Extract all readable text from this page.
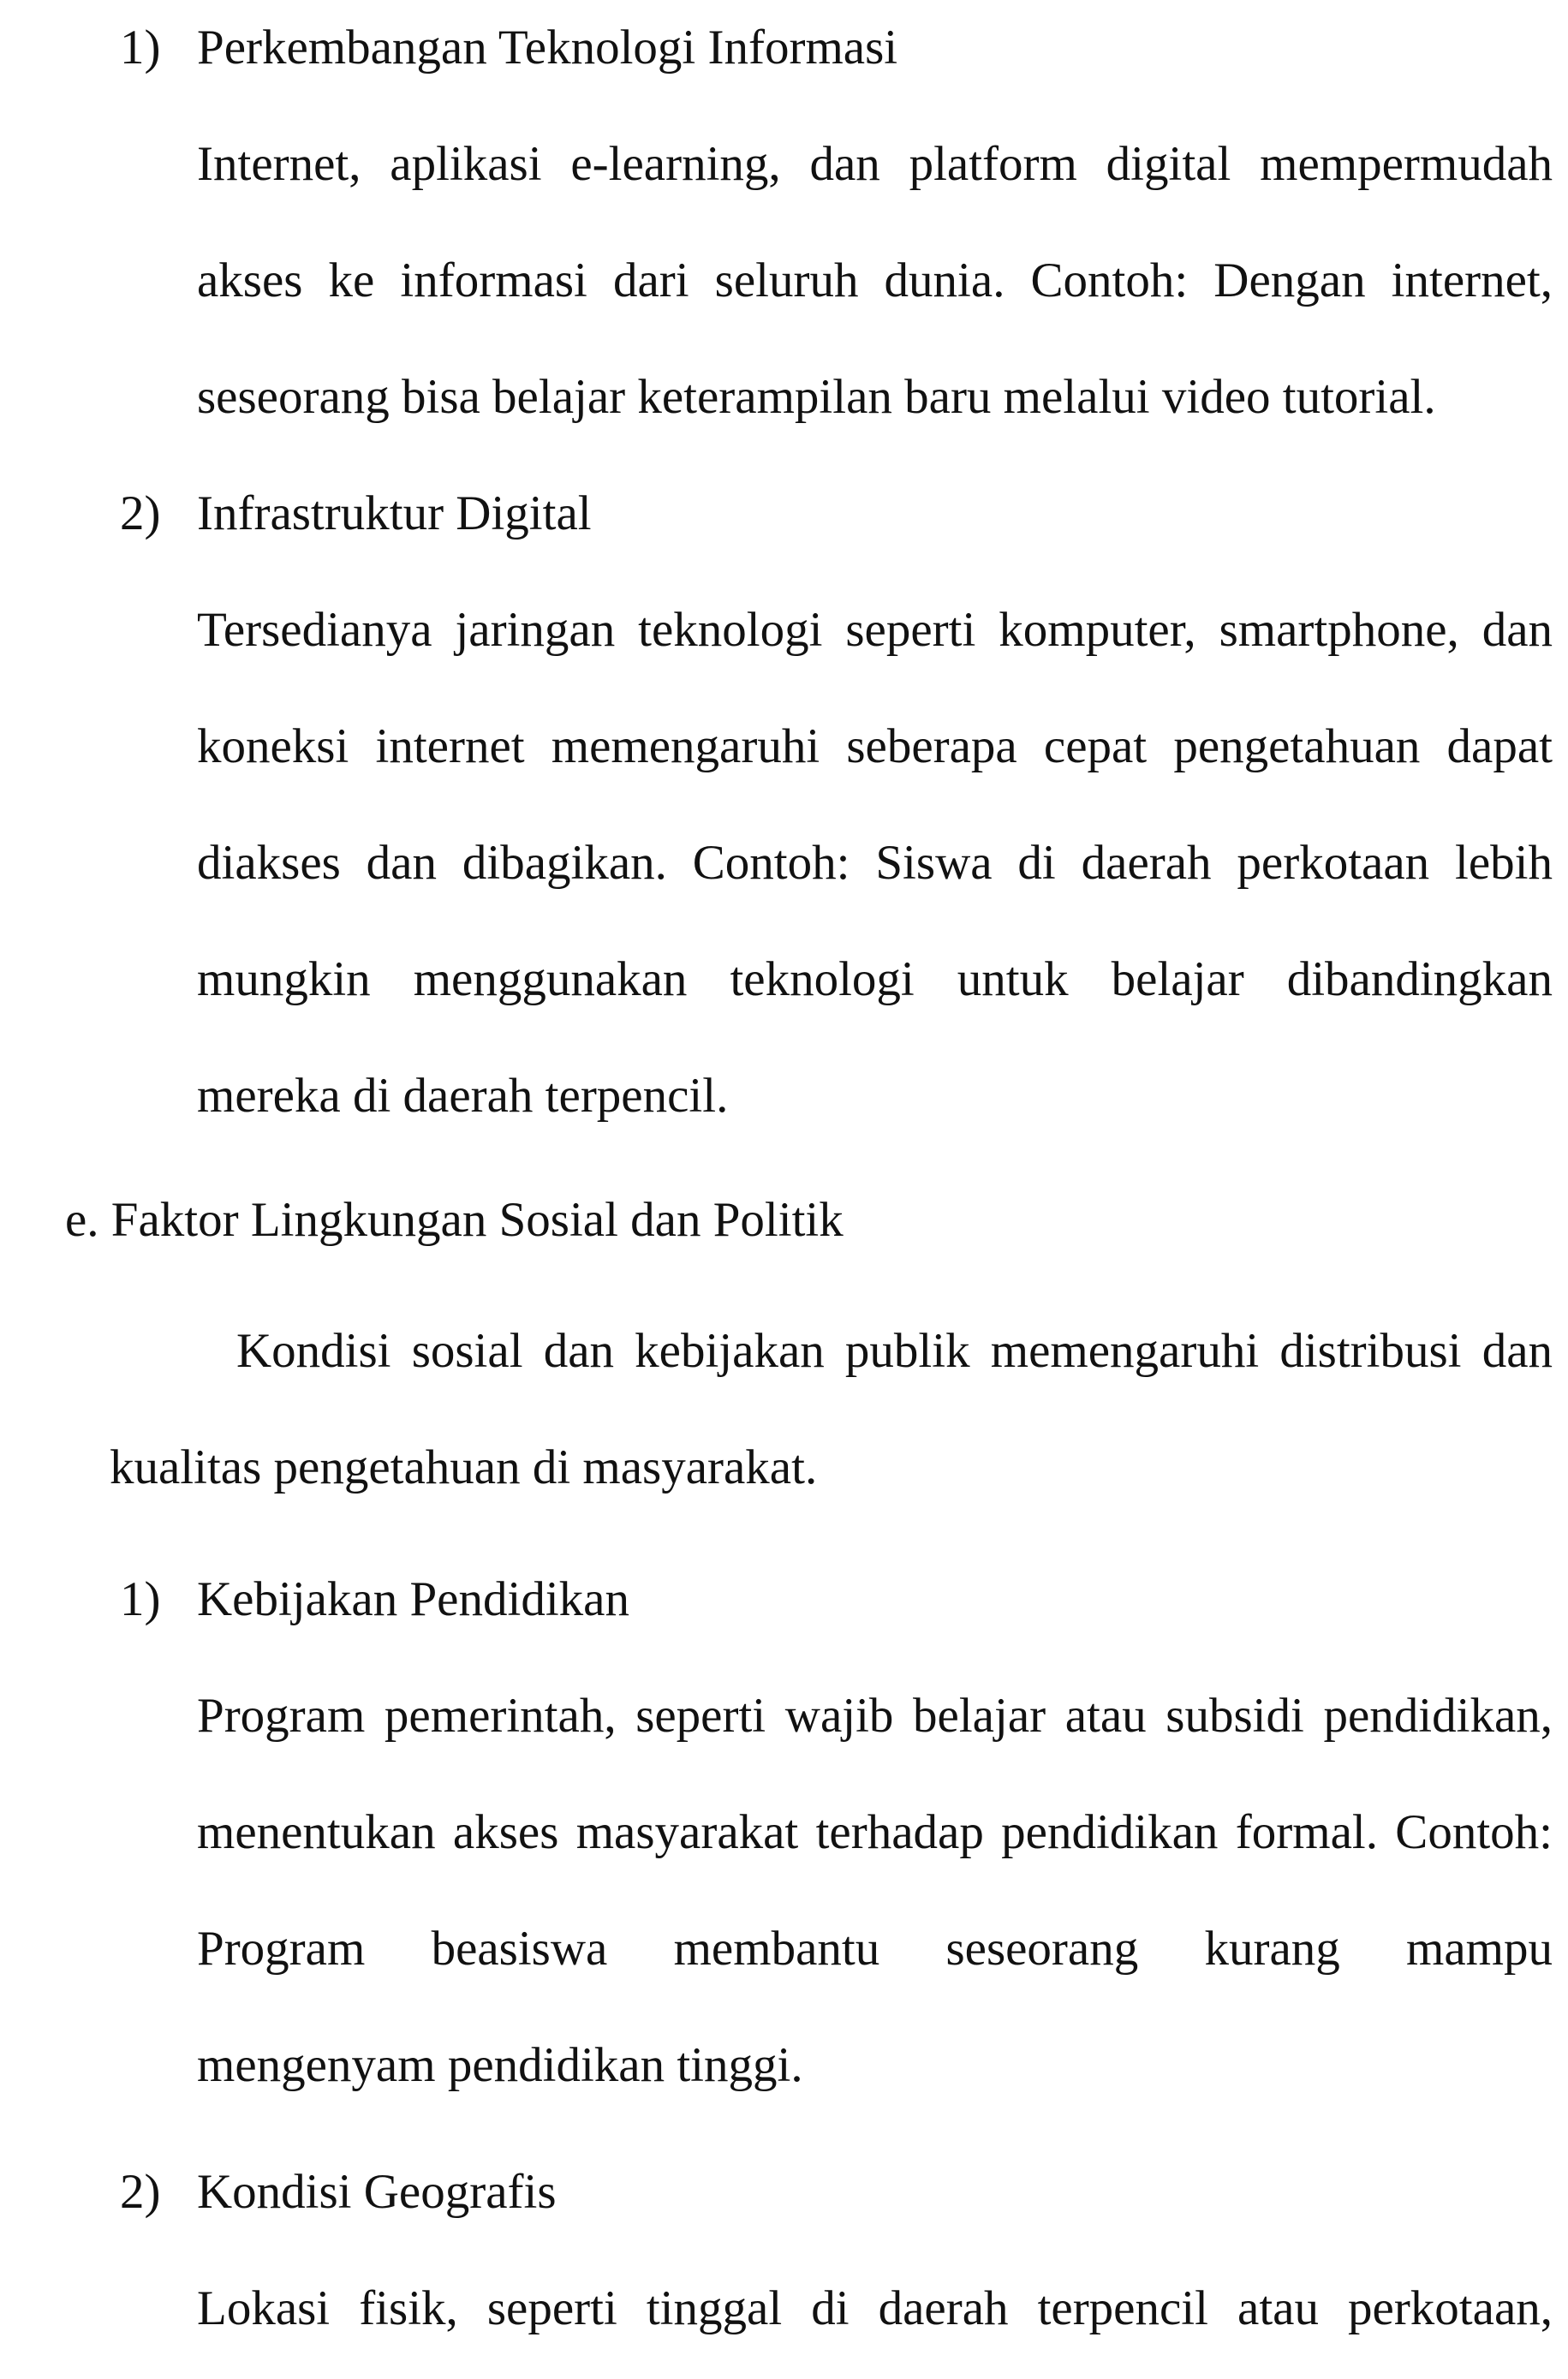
1) Perkembangan Teknologi Informasi

Internet, aplikasi e-learning, dan platform digital mempermudah

akses ke informasi dari seluruh dunia. Contoh: Dengan internet,

seseorang bisa belajar keterampilan baru melalui video tutorial.

2) Infrastruktur Digital

Tersedianya jaringan teknologi seperti komputer, smartphone, dan

koneksi internet memengaruhi seberapa cepat pengetahuan dapat

diakses dan dibagikan. Contoh: Siswa di daerah perkotaan lebih

mungkin menggunakan teknologi untuk belajar dibandingkan

mereka di daerah terpencil.

e. Faktor Lingkungan Sosial dan Politik

Kondisi sosial dan kebijakan publik memengaruhi distribusi dan

kualitas pengetahuan di masyarakat.

1) Kebijakan Pendidikan

Program pemerintah, seperti wajib belajar atau subsidi pendidikan,

menentukan akses masyarakat terhadap pendidikan formal. Contoh:

Program beasiswa membantu seseorang kurang mampu

mengenyam pendidikan tinggi.

2) Kondisi Geografis

Lokasi fisik, seperti tinggal di daerah terpencil atau perkotaan,
